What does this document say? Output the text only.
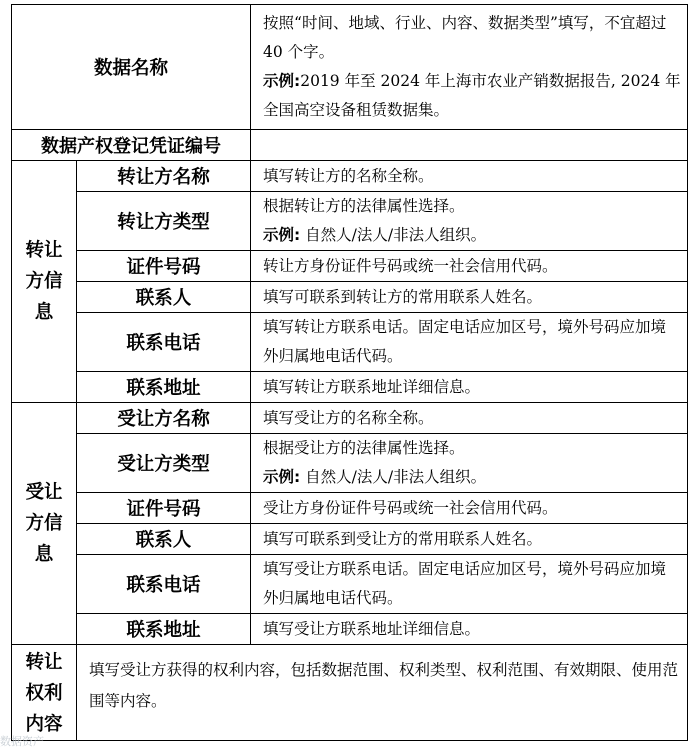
数据名称		按照“时间、地域、行业、内容、数据类型”填写，不宜超过 40 个字。
示例:2019 年至 2024 年上海市农业产销数据报告, 2024 年全国高空设备租赁数据集。

数据产权登记凭证编号		

转让方信息	转让方名称	填写转让方的名称全称。
	转让方类型	根据转让方的法律属性选择。
示例: 自然人/法人/非法人组织。

	证件号码	转让方身份证件号码或统一社会信用代码。
	联系人	填写可联系到转让方的常用联系人姓名。
	联系电话	填写转让方联系电话。固定电话应加区号，境外号码应加境外归属地电话代码。
	联系地址	填写转让方联系地址详细信息。

受让方信息	受让方名称	填写受让方的名称全称。
	受让方类型	根据受让方的法律属性选择。
示例: 自然人/法人/非法人组织。

	证件号码	受让方身份证件号码或统一社会信用代码。
	联系人	填写可联系到受让方的常用联系人姓名。
	联系电话	填写受让方联系电话。固定电话应加区号，境外号码应加境外归属地电话代码。
	联系地址	填写受让方联系地址详细信息。

转让权利内容	填写受让方获得的权利内容，包括数据范围、权利类型、权利范围、有效期限、使用范围等内容。	
数据资产
